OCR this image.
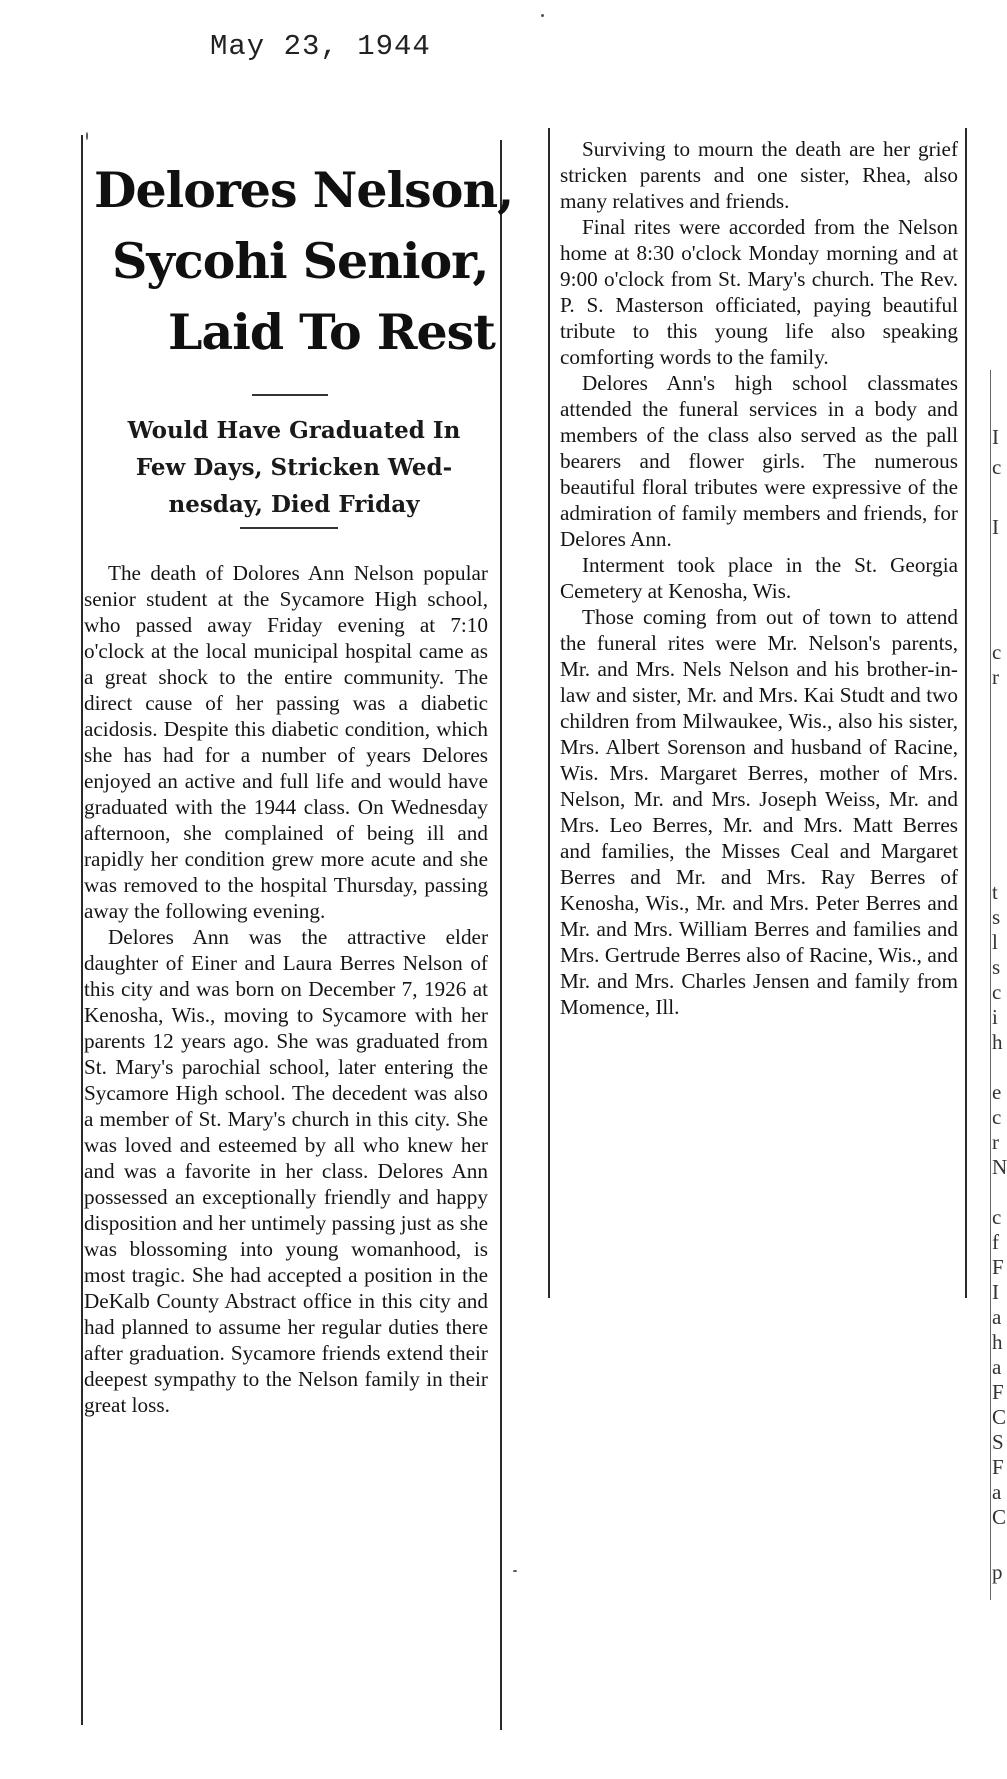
May 23, 1944
Delores Nelson,
Sycohi Senior,
Laid To Rest
Would Have Graduated In
Few Days, Stricken Wed-
nesday, Died Friday

The death of Dolores Ann Nelson popular senior student at the Sycamore High school, who passed away Friday evening at 7:10 o'clock at the local municipal hospital came as a great shock to the entire community. The direct cause of her passing was a diabetic acidosis. Despite this diabetic condition, which she has had for a number of years Delores enjoyed an active and full life and would have graduated with the 1944 class. On Wednesday afternoon, she complained of being ill and rapidly her condition grew more acute and she was removed to the hospital Thursday, passing away the following evening.

Delores Ann was the attractive elder daughter of Einer and Laura Berres Nelson of this city and was born on December 7, 1926 at Kenosha, Wis., moving to Sycamore with her parents 12 years ago. She was graduated from St. Mary's parochial school, later entering the Sycamore High school. The decedent was also a member of St. Mary's church in this city. She was loved and esteemed by all who knew her and was a favorite in her class. Delores Ann possessed an exceptionally friendly and happy disposition and her untimely passing just as she was blossoming into young womanhood, is most tragic. She had accepted a position in the DeKalb County Abstract office in this city and had planned to assume her regular duties there after graduation. Sycamore friends extend their deepest sympathy to the Nelson family in their great loss.

Surviving to mourn the death are her grief stricken parents and one sister, Rhea, also many relatives and friends.

Final rites were accorded from the Nelson home at 8:30 o'clock Monday morning and at 9:00 o'clock from St. Mary's church. The Rev. P. S. Masterson officiated, paying beautiful tribute to this young life also speaking comforting words to the family.

Delores Ann's high school classmates attended the funeral services in a body and members of the class also served as the pall bearers and flower girls. The numerous beautiful floral tributes were expressive of the admiration of family members and friends, for Delores Ann.

Interment took place in the St. Georgia Cemetery at Kenosha, Wis.

Those coming from out of town to attend the funeral rites were Mr. Nelson's parents, Mr. and Mrs. Nels Nelson and his brother-in-law and sister, Mr. and Mrs. Kai Studt and two children from Milwaukee, Wis., also his sister, Mrs. Albert Sorenson and husband of Racine, Wis. Mrs. Margaret Berres, mother of Mrs. Nelson, Mr. and Mrs. Joseph Weiss, Mr. and Mrs. Leo Berres, Mr. and Mrs. Matt Berres and families, the Misses Ceal and Margaret Berres and Mr. and Mrs. Ray Berres of Kenosha, Wis., Mr. and Mrs. Peter Berres and Mr. and Mrs. William Berres and families and Mrs. Gertrude Berres also of Racine, Wis., and Mr. and Mrs. Charles Jensen and family from Momence, Ill.

I
c
I
c
r
t
s
l
s
c
i
h
e
c
r
N
c
f
F
I
a
h
a
F
C
S
F
a
C
p
